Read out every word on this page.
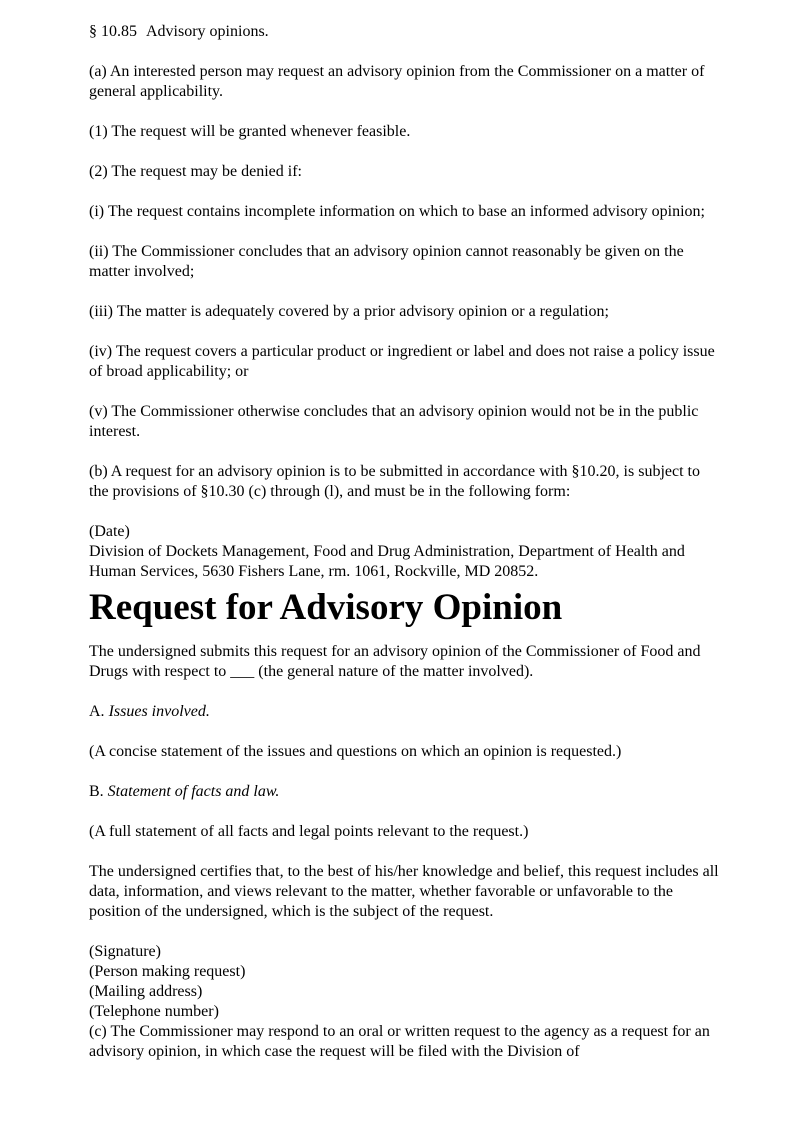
§ 10.85 Advisory opinions.

(a) An interested person may request an advisory opinion from the Commissioner on a matter of general applicability.

(1) The request will be granted whenever feasible.

(2) The request may be denied if:

(i) The request contains incomplete information on which to base an informed advisory opinion;

(ii) The Commissioner concludes that an advisory opinion cannot reasonably be given on the matter involved;

(iii) The matter is adequately covered by a prior advisory opinion or a regulation;

(iv) The request covers a particular product or ingredient or label and does not raise a policy issue of broad applicability; or

(v) The Commissioner otherwise concludes that an advisory opinion would not be in the public interest.

(b) A request for an advisory opinion is to be submitted in accordance with §10.20, is subject to the provisions of §10.30 (c) through (l), and must be in the following form:

(Date)
Division of Dockets Management, Food and Drug Administration, Department of Health and Human Services, 5630 Fishers Lane, rm. 1061, Rockville, MD 20852.
Request for Advisory Opinion

The undersigned submits this request for an advisory opinion of the Commissioner of Food and Drugs with respect to ___ (the general nature of the matter involved).

A. Issues involved.

(A concise statement of the issues and questions on which an opinion is requested.)

B. Statement of facts and law.

(A full statement of all facts and legal points relevant to the request.)

The undersigned certifies that, to the best of his/her knowledge and belief, this request includes all data, information, and views relevant to the matter, whether favorable or unfavorable to the position of the undersigned, which is the subject of the request.

(Signature)
(Person making request)
(Mailing address)
(Telephone number)

(c) The Commissioner may respond to an oral or written request to the agency as a request for an advisory opinion, in which case the request will be filed with the Division of
